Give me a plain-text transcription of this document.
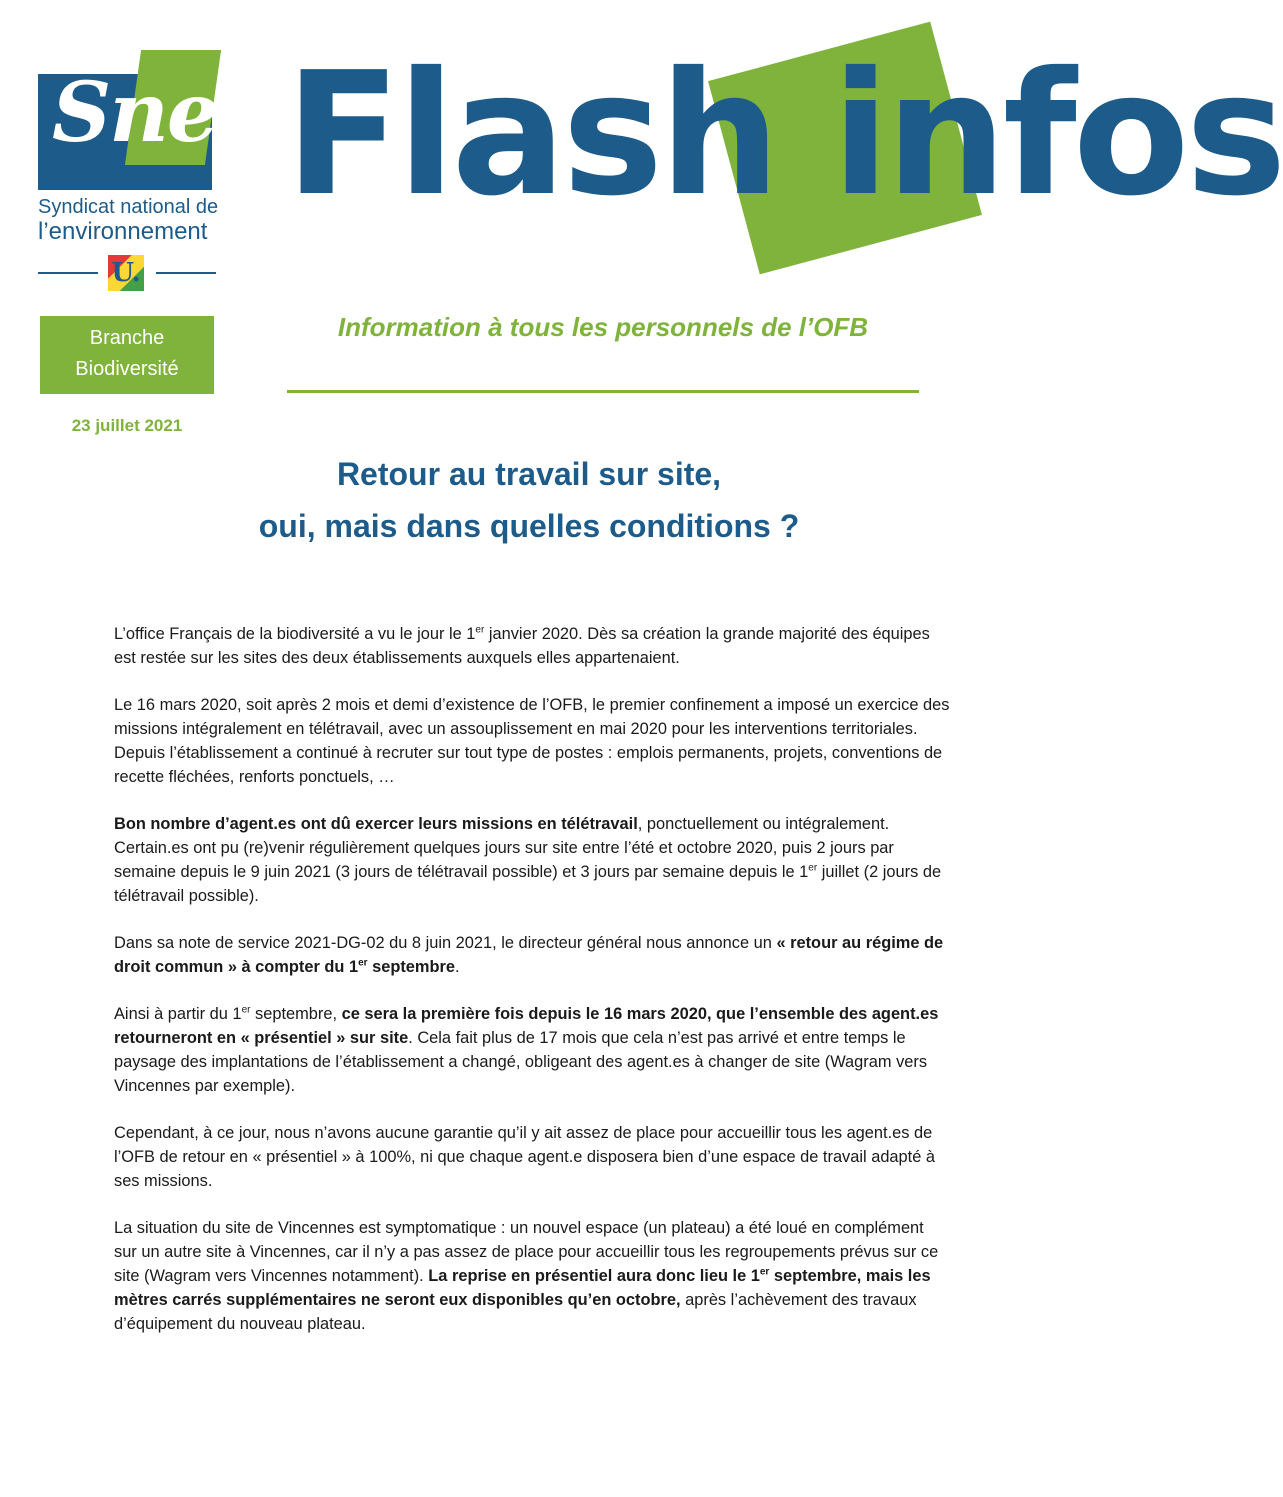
Sne
Syndicat national de
l’environnement
U.
Flash infos
Branche
Biodiversité
23 juillet 2021
Information à tous les personnels de l’OFB
Retour au travail sur site,
oui, mais dans quelles conditions ?

L’office Français de la biodiversité a vu le jour le 1er janvier 2020. Dès sa création la grande majorité des équipes est restée sur les sites des deux établissements auxquels elles appartenaient.

Le 16 mars 2020, soit après 2 mois et demi d’existence de l’OFB, le premier confinement a imposé un exercice des missions intégralement en télétravail, avec un assouplissement en mai 2020 pour les interventions territoriales.

Depuis l’établissement a continué à recruter sur tout type de postes : emplois permanents, projets, conventions de recette fléchées, renforts ponctuels, …

Bon nombre d’agent.es ont dû exercer leurs missions en télétravail, ponctuellement ou intégralement. Certain.es ont pu (re)venir régulièrement quelques jours sur site entre l’été et octobre 2020, puis 2 jours par semaine depuis le 9 juin 2021 (3 jours de télétravail possible) et 3 jours par semaine depuis le 1er juillet (2 jours de télétravail possible).

Dans sa note de service 2021-DG-02 du 8 juin 2021, le directeur général nous annonce un « retour au régime de droit commun » à compter du 1er septembre.

Ainsi à partir du 1er septembre, ce sera la première fois depuis le 16 mars 2020, que l’ensemble des agent.es retourneront en « présentiel » sur site. Cela fait plus de 17 mois que cela n’est pas arrivé et entre temps le paysage des implantations de l’établissement a changé, obligeant des agent.es à changer de site (Wagram vers Vincennes par exemple).

Cependant, à ce jour, nous n’avons aucune garantie qu’il y ait assez de place pour accueillir tous les agent.es de l’OFB de retour en « présentiel » à 100%, ni que chaque agent.e disposera bien d’une espace de travail adapté à ses missions.

La situation du site de Vincennes est symptomatique : un nouvel espace (un plateau) a été loué en complément sur un autre site à Vincennes, car il n’y a pas assez de place pour accueillir tous les regroupements prévus sur ce site (Wagram vers Vincennes notamment). La reprise en présentiel aura donc lieu le 1er septembre, mais les mètres carrés supplémentaires ne seront eux disponibles qu’en octobre, après l’achèvement des travaux d’équipement du nouveau plateau.
